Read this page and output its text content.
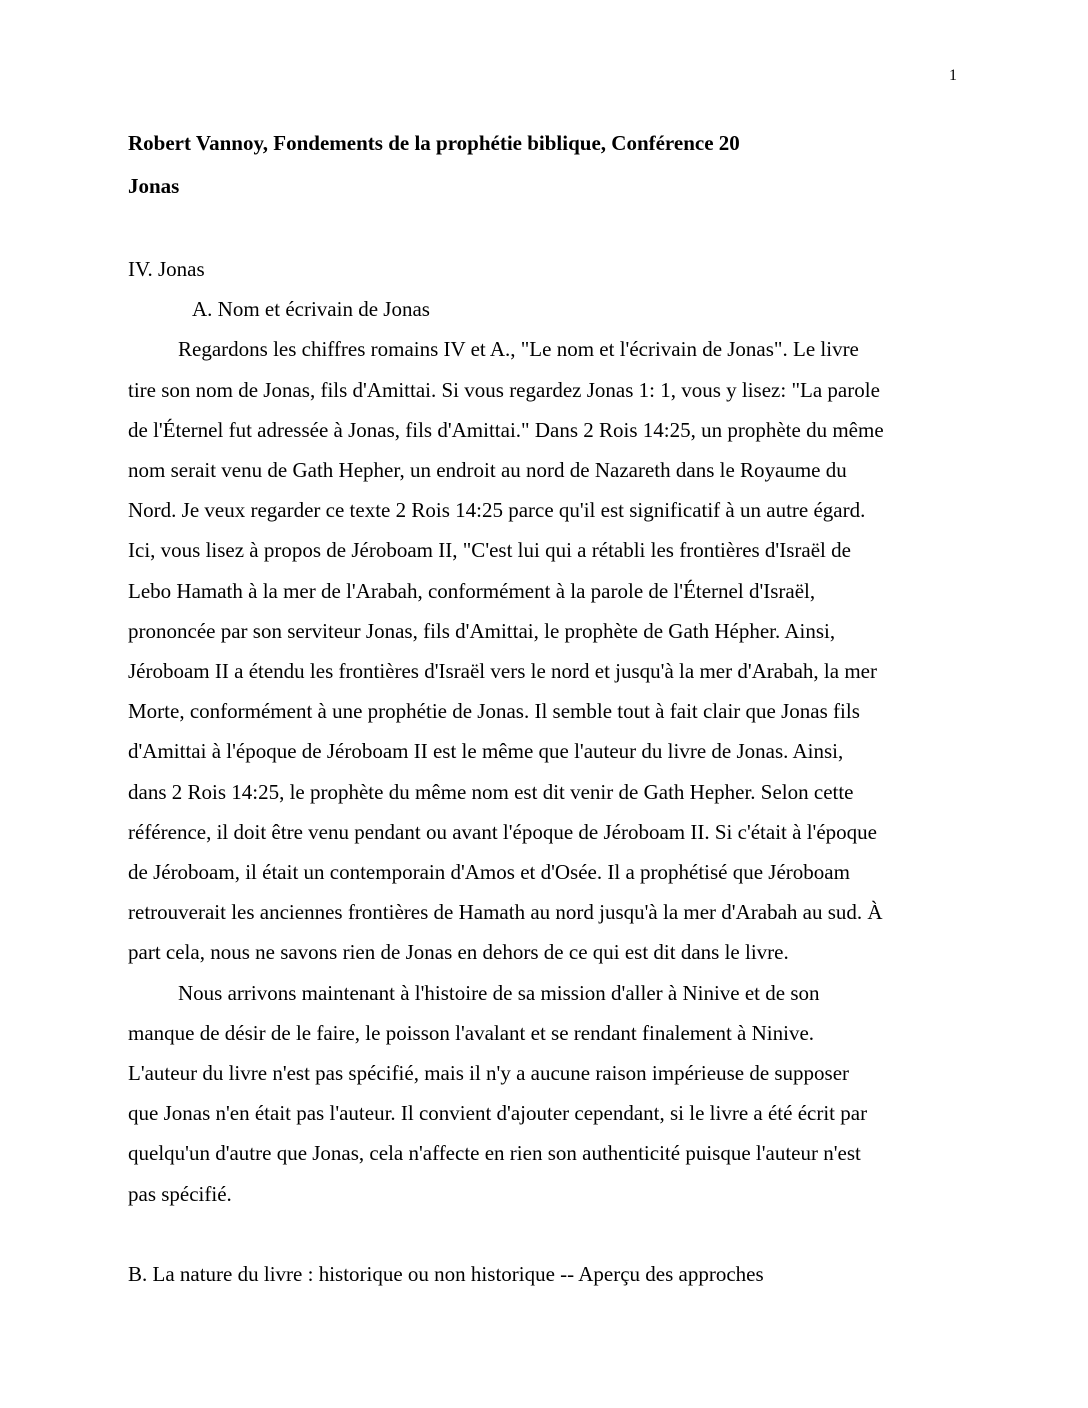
1
Robert Vannoy, Fondements de la prophétie biblique, Conférence 20
Jonas

IV. Jonas

A. Nom et écrivain de Jonas

Regardons les chiffres romains IV et A., "Le nom et l'écrivain de Jonas". Le livre
tire son nom de Jonas, fils d'Amittai. Si vous regardez Jonas 1: 1, vous y lisez: "La parole
de l'Éternel fut adressée à Jonas, fils d'Amittai." Dans 2 Rois 14:25, un prophète du même
nom serait venu de Gath Hepher, un endroit au nord de Nazareth dans le Royaume du
Nord. Je veux regarder ce texte 2 Rois 14:25 parce qu'il est significatif à un autre égard.
Ici, vous lisez à propos de Jéroboam II, "C'est lui qui a rétabli les frontières d'Israël de
Lebo Hamath à la mer de l'Arabah, conformément à la parole de l'Éternel d'Israël,
prononcée par son serviteur Jonas, fils d'Amittai, le prophète de Gath Hépher. Ainsi,
Jéroboam II a étendu les frontières d'Israël vers le nord et jusqu'à la mer d'Arabah, la mer
Morte, conformément à une prophétie de Jonas. Il semble tout à fait clair que Jonas fils
d'Amittai à l'époque de Jéroboam II est le même que l'auteur du livre de Jonas. Ainsi,
dans 2 Rois 14:25, le prophète du même nom est dit venir de Gath Hepher. Selon cette
référence, il doit être venu pendant ou avant l'époque de Jéroboam II. Si c'était à l'époque
de Jéroboam, il était un contemporain d'Amos et d'Osée. Il a prophétisé que Jéroboam
retrouverait les anciennes frontières de Hamath au nord jusqu'à la mer d'Arabah au sud. À
part cela, nous ne savons rien de Jonas en dehors de ce qui est dit dans le livre.

Nous arrivons maintenant à l'histoire de sa mission d'aller à Ninive et de son
manque de désir de le faire, le poisson l'avalant et se rendant finalement à Ninive.
L'auteur du livre n'est pas spécifié, mais il n'y a aucune raison impérieuse de supposer
que Jonas n'en était pas l'auteur. Il convient d'ajouter cependant, si le livre a été écrit par
quelqu'un d'autre que Jonas, cela n'affecte en rien son authenticité puisque l'auteur n'est
pas spécifié.

B. La nature du livre : historique ou non historique -- Aperçu des approches
